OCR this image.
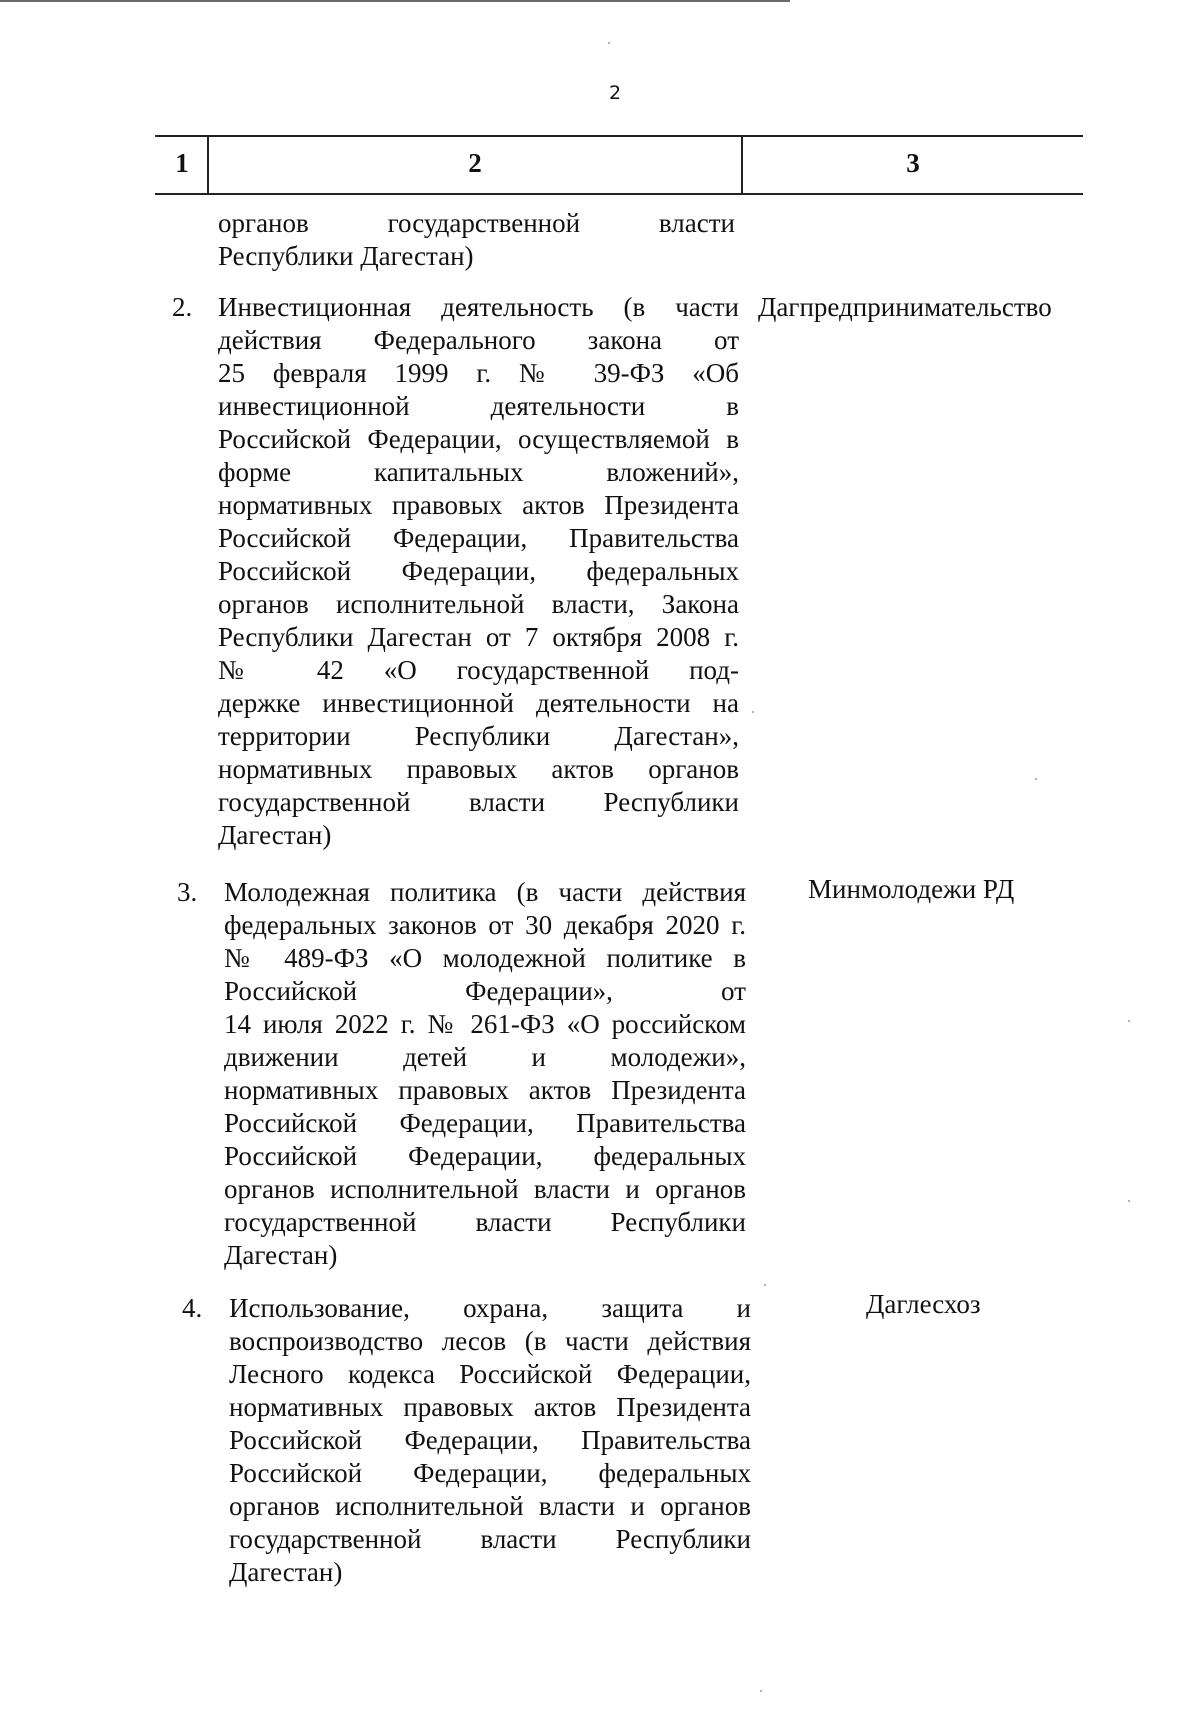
2
1	2	3
органов государственной власти
Республики Дагестан)
2. Инвестиционная деятельность (в части
действия Федерального закона от
25 февраля 1999 г. № 39-ФЗ «Об
инвестиционной деятельности в
Российской Федерации, осуществляемой в
форме капитальных вложений»,
нормативных правовых актов Президента
Российской Федерации, Правительства
Российской Федерации, федеральных
органов исполнительной власти, Закона
Республики Дагестан от 7 октября 2008 г.
№ 42 «О государственной под-
держке инвестиционной деятельности на
территории Республики Дагестан»,
нормативных правовых актов органов
государственной власти Республики
Дагестан)
Дагпредпринимательство
3. Молодежная политика (в части действия
федеральных законов от 30 декабря 2020 г.
№ 489-ФЗ «О молодежной политике в
Российской Федерации», от
14 июля 2022 г. № 261-ФЗ «О российском
движении детей и молодежи»,
нормативных правовых актов Президента
Российской Федерации, Правительства
Российской Федерации, федеральных
органов исполнительной власти и органов
государственной власти Республики
Дагестан)
Минмолодежи РД
4. Использование, охрана, защита и
воспроизводство лесов (в части действия
Лесного кодекса Российской Федерации,
нормативных правовых актов Президента
Российской Федерации, Правительства
Российской Федерации, федеральных
органов исполнительной власти и органов
государственной власти Республики
Дагестан)
Даглесхоз
